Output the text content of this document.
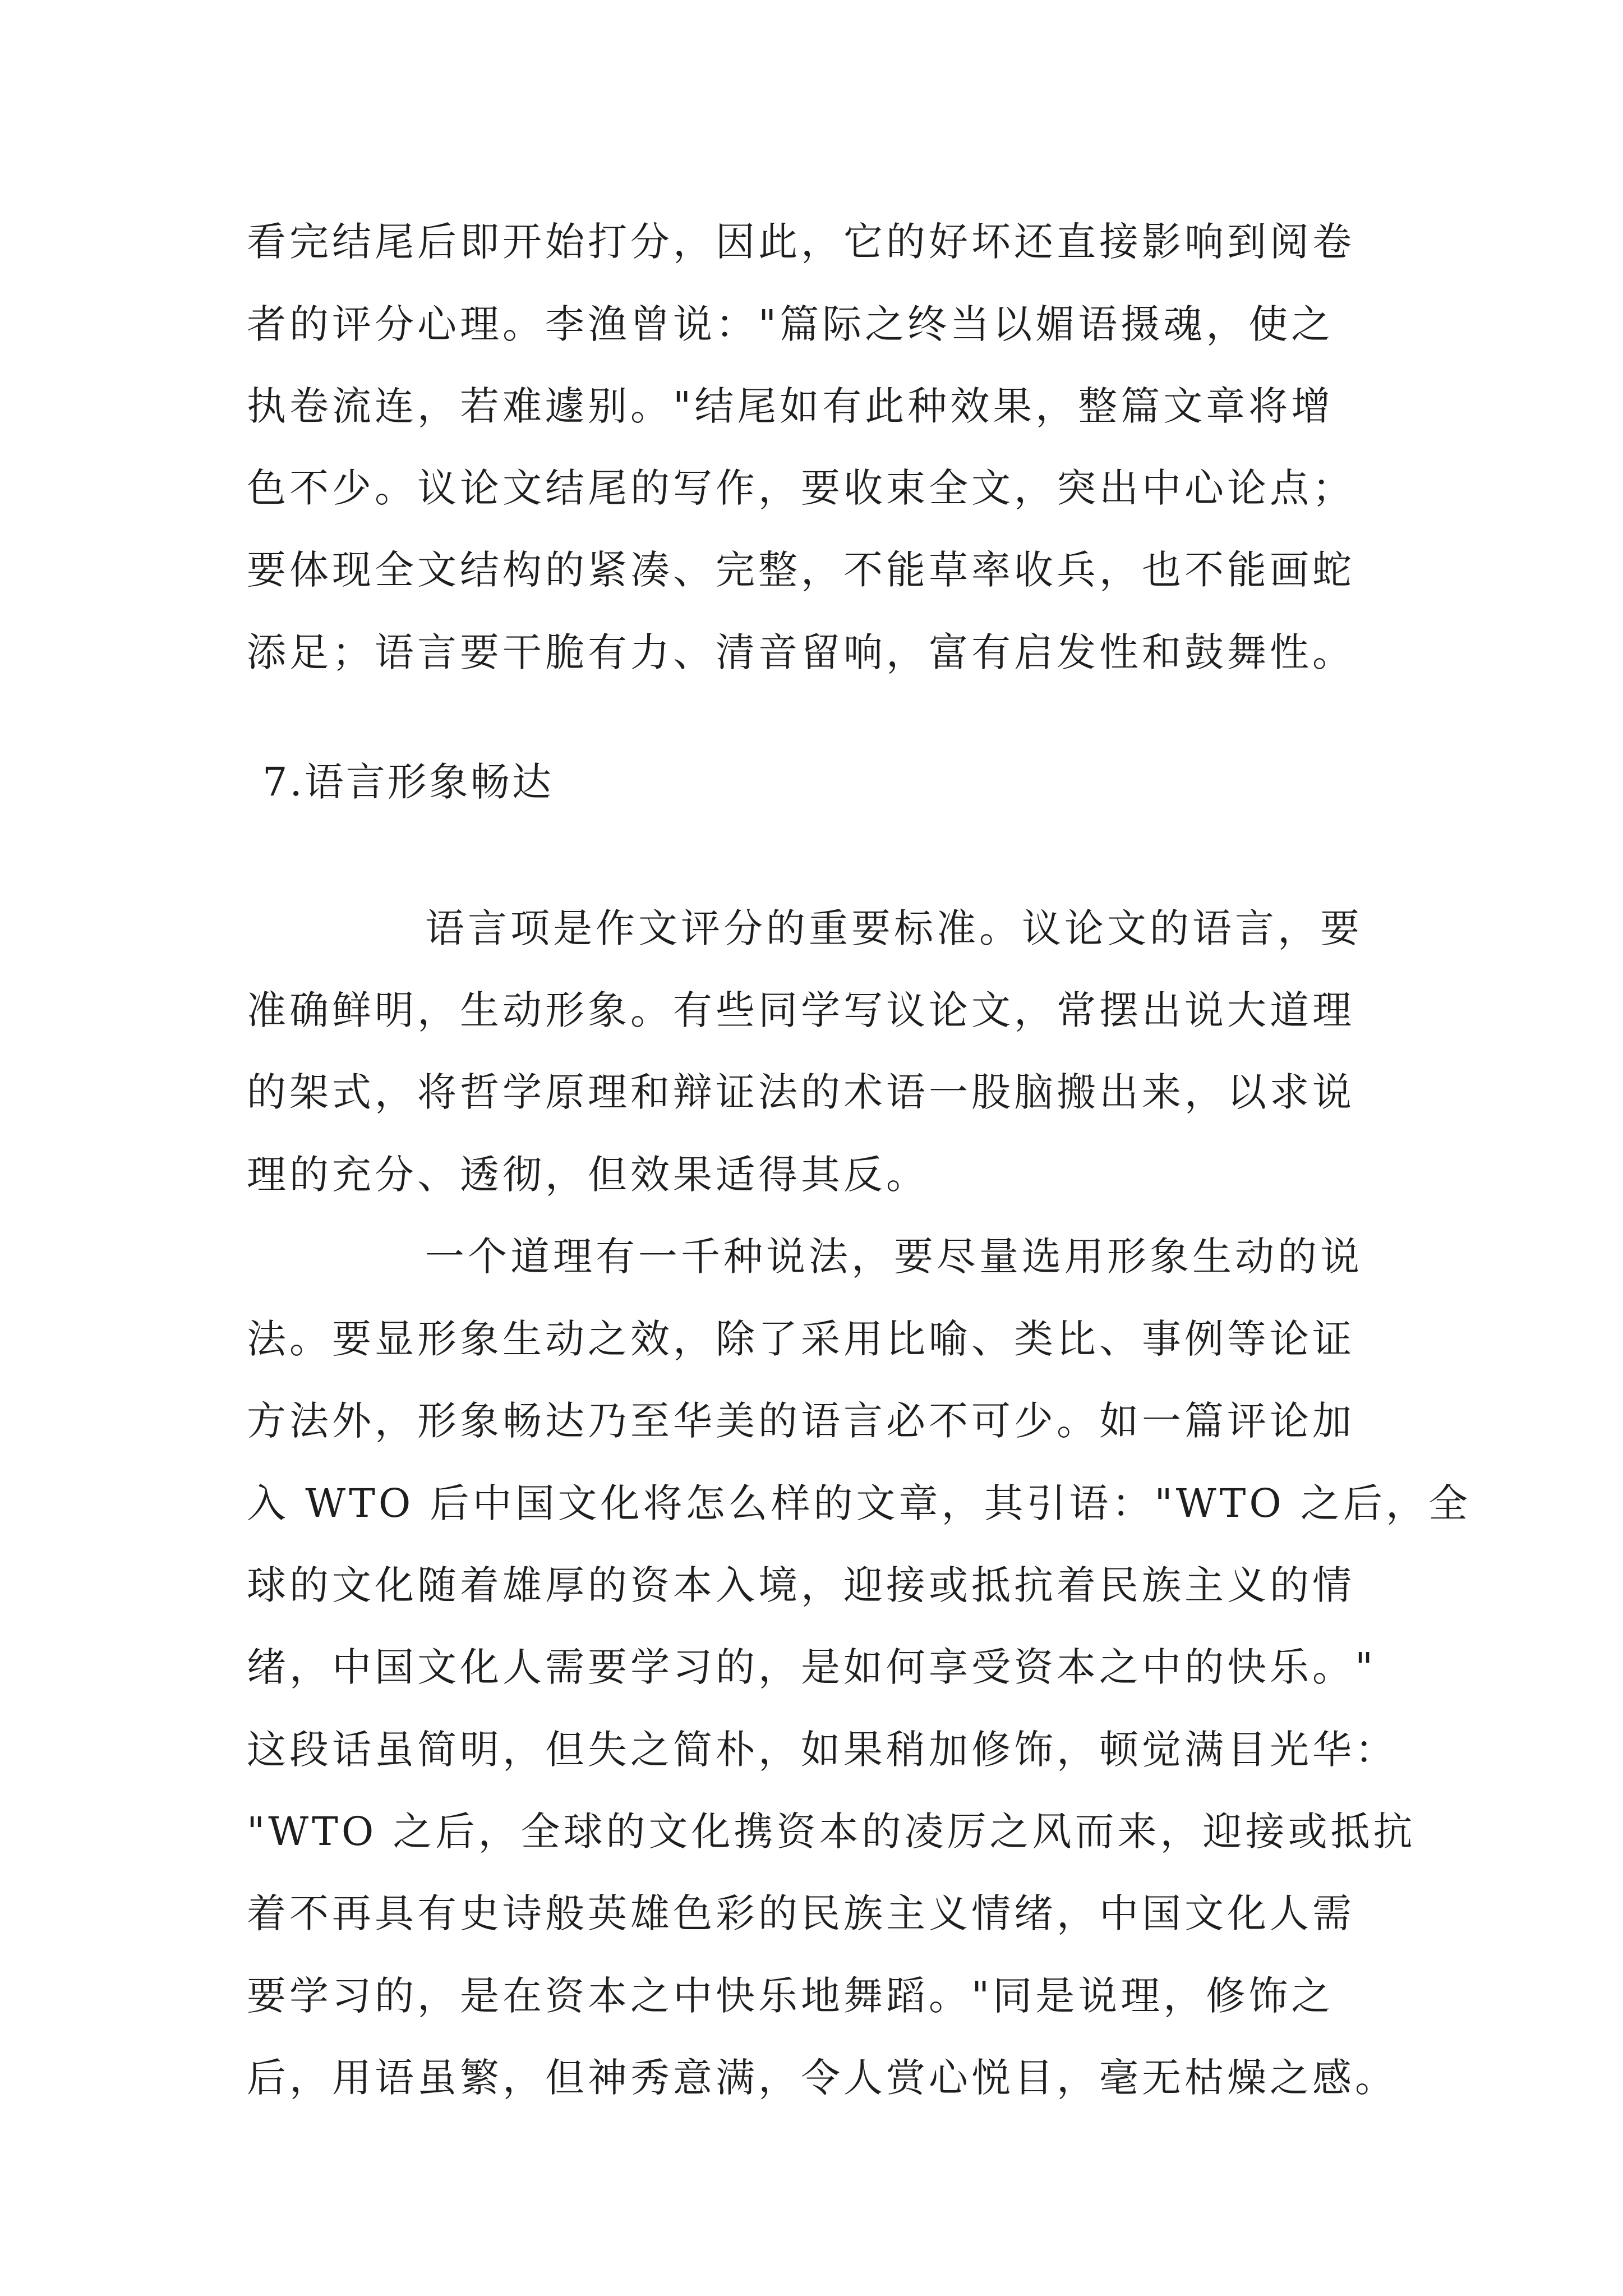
看完结尾后即开始打分，因此，它的好坏还直接影响到阅卷
者的评分心理。李渔曾说："篇际之终当以媚语摄魂，使之
执卷流连，若难遽别。"结尾如有此种效果，整篇文章将增
色不少。议论文结尾的写作，要收束全文，突出中心论点；
要体现全文结构的紧凑、完整，不能草率收兵，也不能画蛇
添足；语言要干脆有力、清音留响，富有启发性和鼓舞性。
7.语言形象畅达
语言项是作文评分的重要标准。议论文的语言，要
准确鲜明，生动形象。有些同学写议论文，常摆出说大道理
的架式，将哲学原理和辩证法的术语一股脑搬出来，以求说
理的充分、透彻，但效果适得其反。
一个道理有一千种说法，要尽量选用形象生动的说
法。要显形象生动之效，除了采用比喻、类比、事例等论证
方法外，形象畅达乃至华美的语言必不可少。如一篇评论加
入 WTO 后中国文化将怎么样的文章，其引语："WTO 之后，全
球的文化随着雄厚的资本入境，迎接或抵抗着民族主义的情
绪，中国文化人需要学习的，是如何享受资本之中的快乐。"
这段话虽简明，但失之简朴，如果稍加修饰，顿觉满目光华：
"WTO 之后，全球的文化携资本的凌厉之风而来，迎接或抵抗
着不再具有史诗般英雄色彩的民族主义情绪，中国文化人需
要学习的，是在资本之中快乐地舞蹈。"同是说理，修饰之
后，用语虽繁，但神秀意满，令人赏心悦目，毫无枯燥之感。
